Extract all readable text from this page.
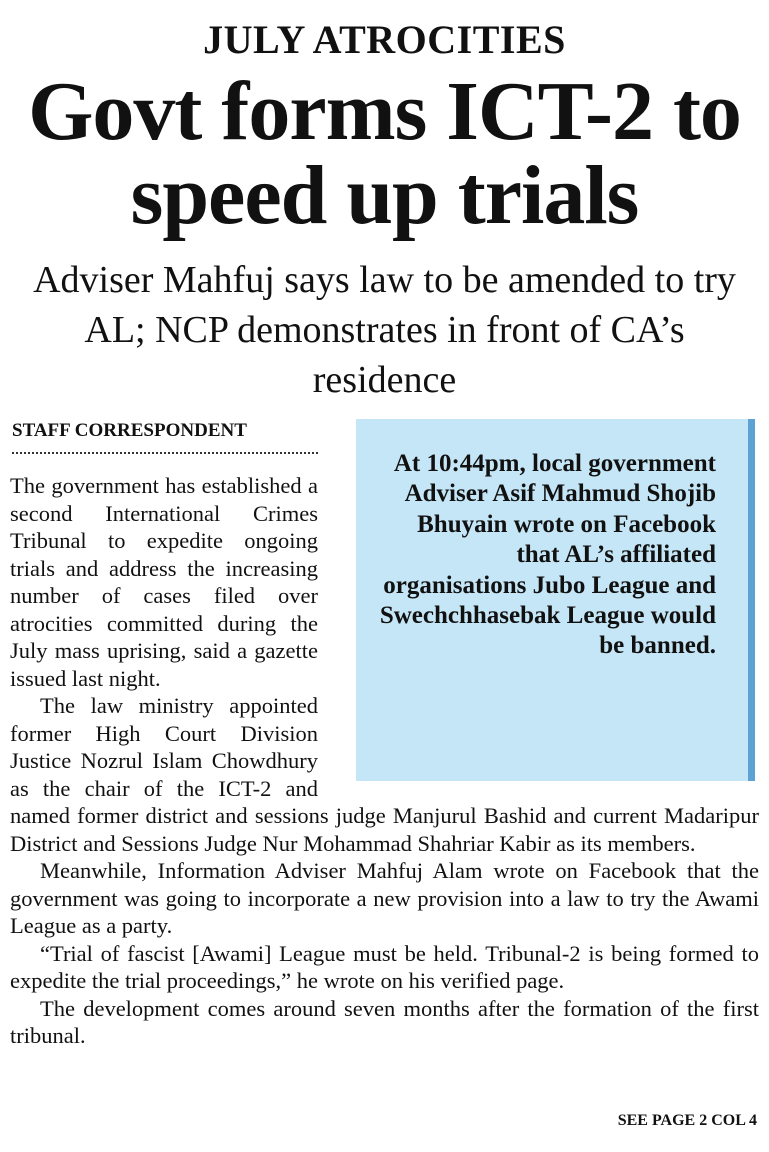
JULY ATROCITIES
Govt forms ICT-2 to speed up trials
Adviser Mahfuj says law to be amended to try AL; NCP demonstrates in front of CA’s residence
STAFF CORRESPONDENT
At 10:44pm, local government Adviser Asif Mahmud Shojib Bhuyain wrote on Facebook that AL’s affiliated organisations Jubo League and Swechchhasebak League would be banned.

The government has established a second International Crimes Tribunal to expedite ongoing trials and address the increasing number of cases filed over atrocities committed during the July mass uprising, said a gazette issued last night.

The law ministry appointed former High Court Division Justice Nozrul Islam Chowdhury as the chair of the ICT-2 and named former district and sessions judge Manjurul Bashid and current Madaripur District and Sessions Judge Nur Mohammad Shahriar Kabir as its members.

Meanwhile, Information Adviser Mahfuj Alam wrote on Facebook that the government was going to incorporate a new provision into a law to try the Awami League as a party.

“Trial of fascist [Awami] League must be held. Tribunal-2 is being formed to expedite the trial proceedings,” he wrote on his verified page.

The development comes around seven months after the formation of the first tribunal.

SEE PAGE 2 COL 4
